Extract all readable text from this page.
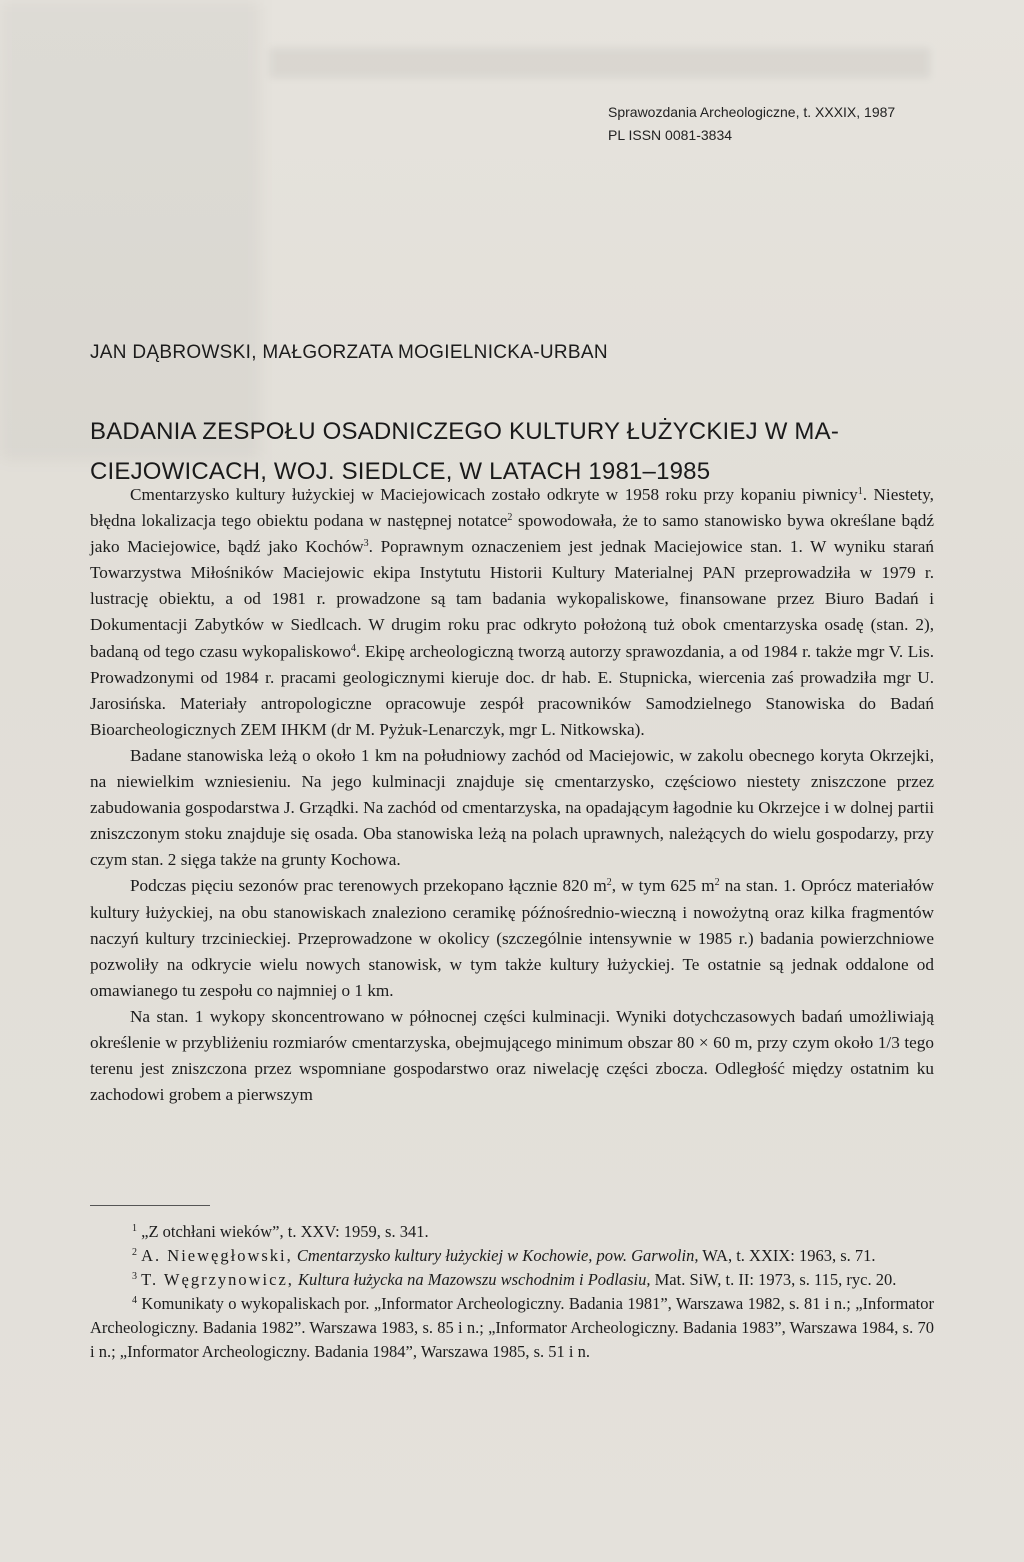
Sprawozdania Archeologiczne, t. XXXIX, 1987
PL ISSN 0081-3834
JAN DĄBROWSKI, MAŁGORZATA MOGIELNICKA-URBAN
BADANIA ZESPOŁU OSADNICZEGO KULTURY ŁUŻYCKIEJ W MA-
CIEJOWICACH, WOJ. SIEDLCE, W LATACH 1981–1985

Cmentarzysko kultury łużyckiej w Maciejowicach zostało odkryte w 1958 roku przy kopaniu piwnicy$^1$. Niestety, błędna lokalizacja tego obiektu podana w następnej notatce$^2$ spowodowała, że to samo stanowisko bywa określane bądź jako Maciejowice, bądź jako Kochów$^3$. Poprawnym oznaczeniem jest jednak Maciejowice stan. 1. W wyniku starań Towarzystwa Miłośników Maciejowic ekipa Instytutu Historii Kultury Materialnej PAN przeprowadziła w 1979 r. lustrację obiektu, a od 1981 r. prowadzone są tam badania wykopaliskowe, finansowane przez Biuro Badań i Dokumentacji Zabytków w Siedlcach. W drugim roku prac odkryto położoną tuż obok cmentarzyska osadę (stan. 2), badaną od tego czasu wykopaliskowo$^4$. Ekipę archeologiczną tworzą autorzy sprawozdania, a od 1984 r. także mgr V. Lis. Prowadzonymi od 1984 r. pracami geologicznymi kieruje doc. dr hab. E. Stupnicka, wiercenia zaś prowadziła mgr U. Jarosińska. Materiały antropologiczne opracowuje zespół pracowników Samodzielnego Stanowiska do Badań Bioarcheologicznych ZEM IHKM (dr M. Pyżuk-Lenarczyk, mgr L. Nitkowska).

Badane stanowiska leżą o około 1 km na południowy zachód od Maciejowic, w zakolu obecnego koryta Okrzejki, na niewielkim wzniesieniu. Na jego kulminacji znajduje się cmentarzysko, częściowo niestety zniszczone przez zabudowania gospodarstwa J. Grządki. Na zachód od cmentarzyska, na opadającym łagodnie ku Okrzejce i w dolnej partii zniszczonym stoku znajduje się osada. Oba stanowiska leżą na polach uprawnych, należących do wielu gospodarzy, przy czym stan. 2 sięga także na grunty Kochowa.

Podczas pięciu sezonów prac terenowych przekopano łącznie 820 $m^2$, w tym 625 $m^2$ na stan. 1. Oprócz materiałów kultury łużyckiej, na obu stanowiskach znaleziono ceramikę późnośrednio-wieczną i nowożytną oraz kilka fragmentów naczyń kultury trzcinieckiej. Przeprowadzone w okolicy (szczególnie intensywnie w 1985 r.) badania powierzchniowe pozwoliły na odkrycie wielu nowych stanowisk, w tym także kultury łużyckiej. Te ostatnie są jednak oddalone od omawianego tu zespołu co najmniej o 1 km.

Na stan. 1 wykopy skoncentrowano w północnej części kulminacji. Wyniki dotychczasowych badań umożliwiają określenie w przybliżeniu rozmiarów cmentarzyska, obejmującego minimum obszar 80 × 60 m, przy czym około 1/3 tego terenu jest zniszczona przez wspomniane gospodarstwo oraz niwelację części zbocza. Odległość między ostatnim ku zachodowi grobem a pierwszym

$^1$ „Z otchłani wieków”, t. XXV: 1959, s. 341.

$^2$ A. Niewęgłowski, Cmentarzysko kultury łużyckiej w Kochowie, pow. Garwolin, WA, t. XXIX: 1963, s. 71.

$^3$ T. Węgrzynowicz, Kultura łużycka na Mazowszu wschodnim i Podlasiu, Mat. SiW, t. II: 1973, s. 115, ryc. 20.

$^4$ Komunikaty o wykopaliskach por. „Informator Archeologiczny. Badania 1981”, Warszawa 1982, s. 81 i n.; „Informator Archeologiczny. Badania 1982”. Warszawa 1983, s. 85 i n.; „Informator Archeologiczny. Badania 1983”, Warszawa 1984, s. 70 i n.; „Informator Archeologiczny. Badania 1984”, Warszawa 1985, s. 51 i n.
